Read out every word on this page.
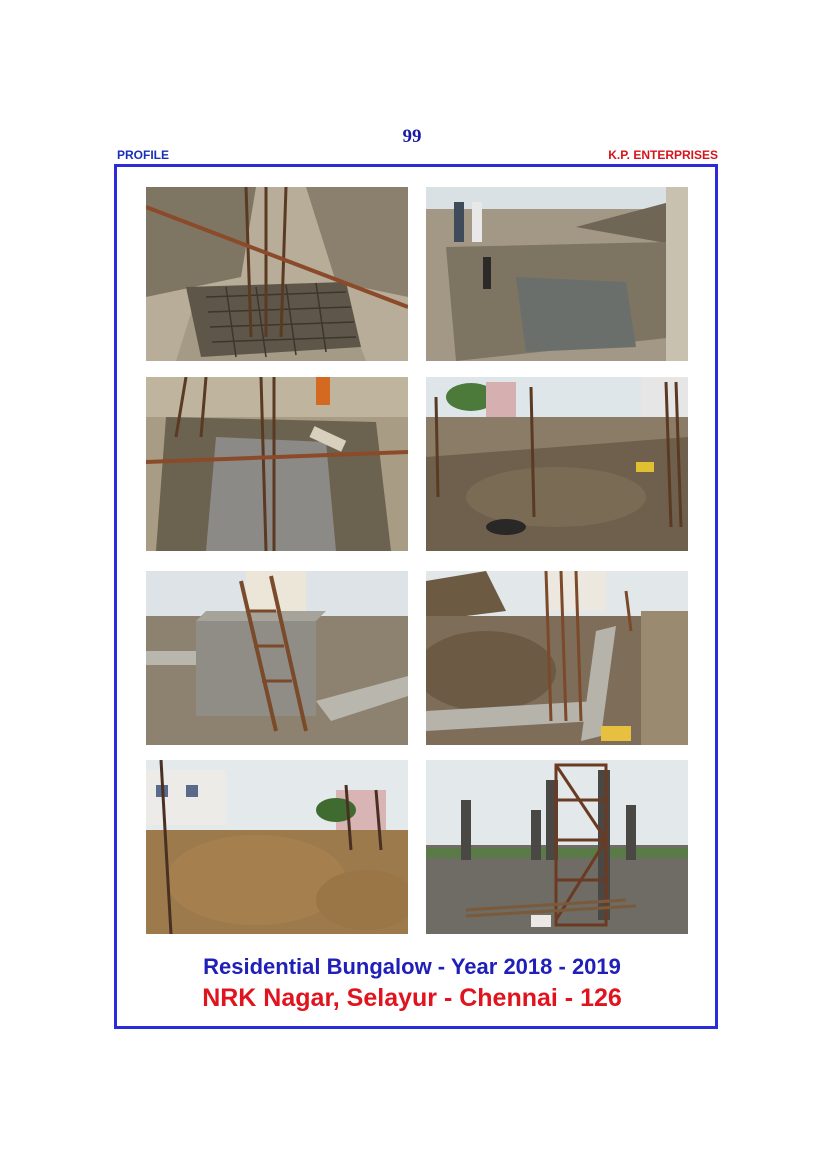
99
PROFILE	K.P. ENTERPRISES
Residential Bungalow - Year 2018 - 2019
NRK Nagar, Selayur - Chennai - 126
